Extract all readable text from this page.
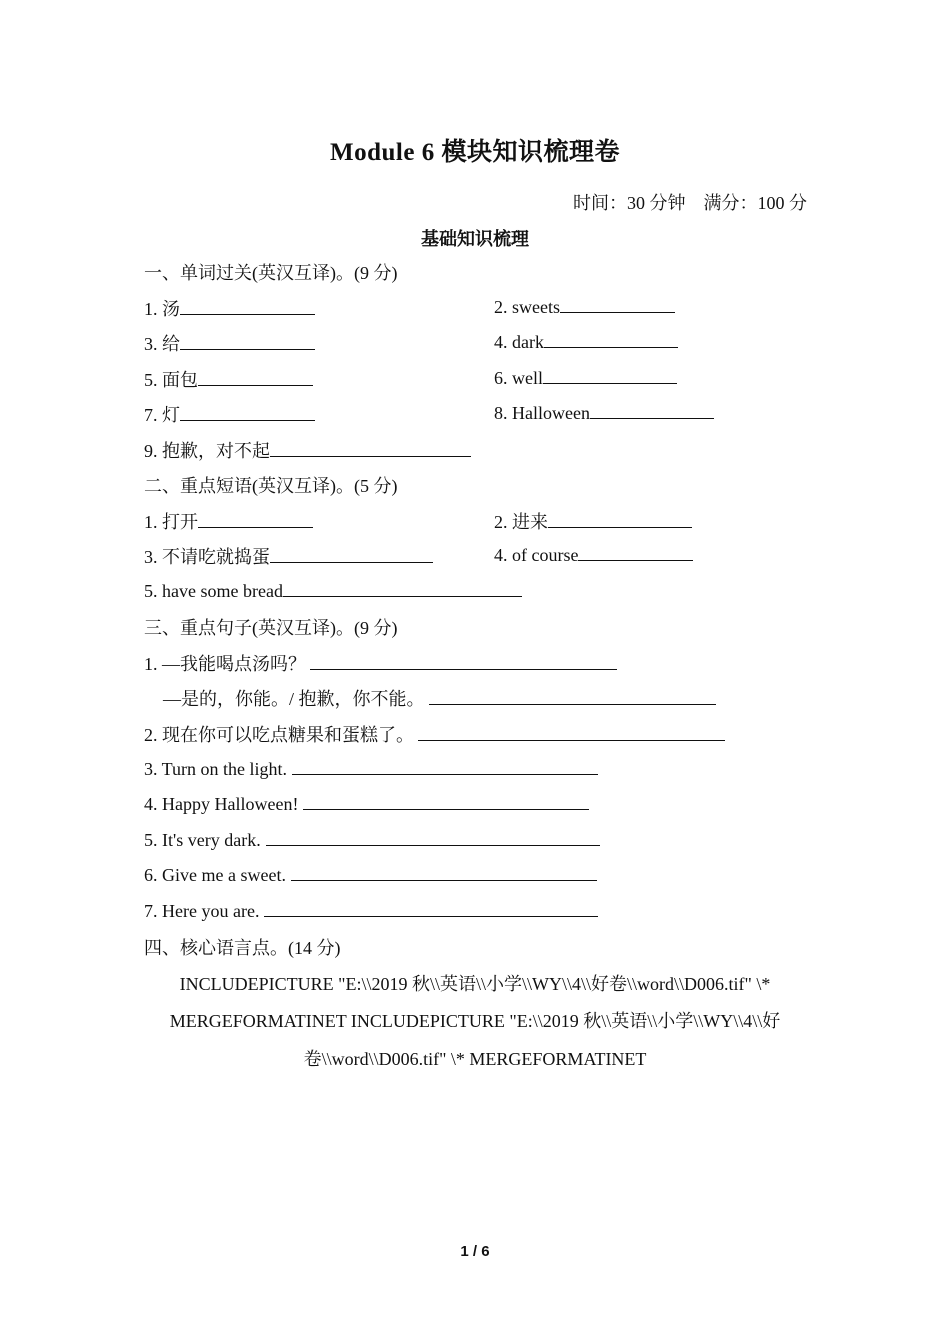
Module 6 模块知识梳理卷
时间：30 分钟    满分：100 分
基础知识梳理
一、单词过关(英汉互译)。(9 分)
1. 汤	2. sweets
3. 给	4. dark
5. 面包	6. well
7. 灯	8. Halloween
9. 抱歉，对不起
二、重点短语(英汉互译)。(5 分)
1. 打开	2. 进来
3. 不请吃就捣蛋	4. of course
5. have some bread
三、重点句子(英汉互译)。(9 分)
1. —我能喝点汤吗？
—是的，你能。/ 抱歉，你不能。
2. 现在你可以吃点糖果和蛋糕了。
3. Turn on the light.
4. Happy Halloween!
5. It's very dark.
6. Give me a sweet.
7. Here you are.
四、核心语言点。(14 分)
INCLUDEPICTURE "E:\\2019 秋\\英语\\小学\\WY\\4\\好卷\\word\\D006.tif" \*
MERGEFORMATINET INCLUDEPICTURE "E:\\2019 秋\\英语\\小学\\WY\\4\\好
卷\\word\\D006.tif" \* MERGEFORMATINET
1 / 6
